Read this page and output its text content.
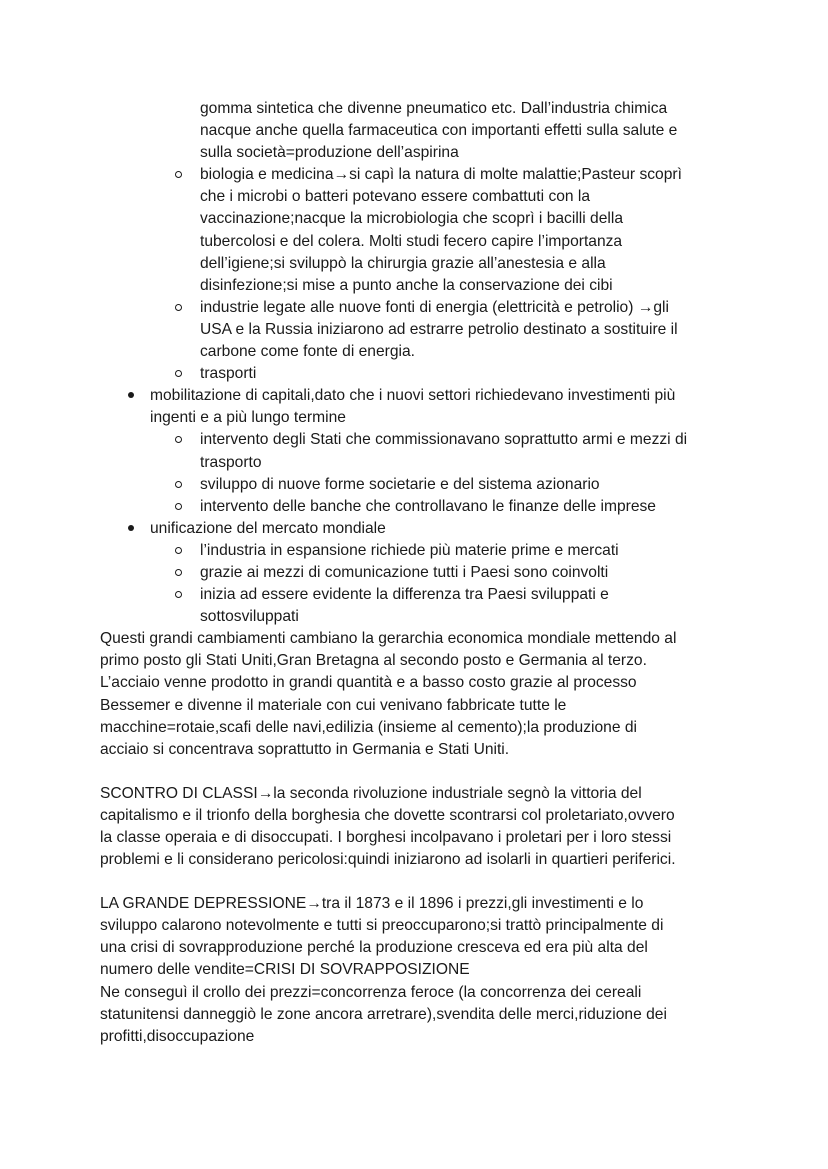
gomma sintetica che divenne pneumatico etc. Dall’industria chimica
nacque anche quella farmaceutica con importanti effetti sulla salute e
sulla società=produzione dell’aspirina
biologia e medicina→si capì la natura di molte malattie;Pasteur scoprì
che i microbi o batteri potevano essere combattuti con la
vaccinazione;nacque la microbiologia che scoprì i bacilli della
tubercolosi e del colera. Molti studi fecero capire l’importanza
dell’igiene;si sviluppò la chirurgia grazie all’anestesia e alla
disinfezione;si mise a punto anche la conservazione dei cibi
industrie legate alle nuove fonti di energia (elettricità e petrolio) →gli
USA e la Russia iniziarono ad estrarre petrolio destinato a sostituire il
carbone come fonte di energia.
trasporti
mobilitazione di capitali,dato che i nuovi settori richiedevano investimenti più
ingenti e a più lungo termine
intervento degli Stati che commissionavano soprattutto armi e mezzi di
trasporto
sviluppo di nuove forme societarie e del sistema azionario
intervento delle banche che controllavano le finanze delle imprese
unificazione del mercato mondiale
l’industria in espansione richiede più materie prime e mercati
grazie ai mezzi di comunicazione tutti i Paesi sono coinvolti
inizia ad essere evidente la differenza tra Paesi sviluppati e
sottosviluppati
Questi grandi cambiamenti cambiano la gerarchia economica mondiale mettendo al
primo posto gli Stati Uniti,Gran Bretagna al secondo posto e Germania al terzo.
L’acciaio venne prodotto in grandi quantità e a basso costo grazie al processo
Bessemer e divenne il materiale con cui venivano fabbricate tutte le
macchine=rotaie,scafi delle navi,edilizia (insieme al cemento);la produzione di
acciaio si concentrava soprattutto in Germania e Stati Uniti.
SCONTRO DI CLASSI→la seconda rivoluzione industriale segnò la vittoria del
capitalismo e il trionfo della borghesia che dovette scontrarsi col proletariato,ovvero
la classe operaia e di disoccupati. I borghesi incolpavano i proletari per i loro stessi
problemi e li considerano pericolosi:quindi iniziarono ad isolarli in quartieri periferici.
LA GRANDE DEPRESSIONE→tra il 1873 e il 1896 i prezzi,gli investimenti e lo
sviluppo calarono notevolmente e tutti si preoccuparono;si trattò principalmente di
una crisi di sovrapproduzione perché la produzione cresceva ed era più alta del
numero delle vendite=CRISI DI SOVRAPPOSIZIONE
Ne conseguì il crollo dei prezzi=concorrenza feroce (la concorrenza dei cereali
statunitensi danneggiò le zone ancora arretrare),svendita delle merci,riduzione dei
profitti,disoccupazione
